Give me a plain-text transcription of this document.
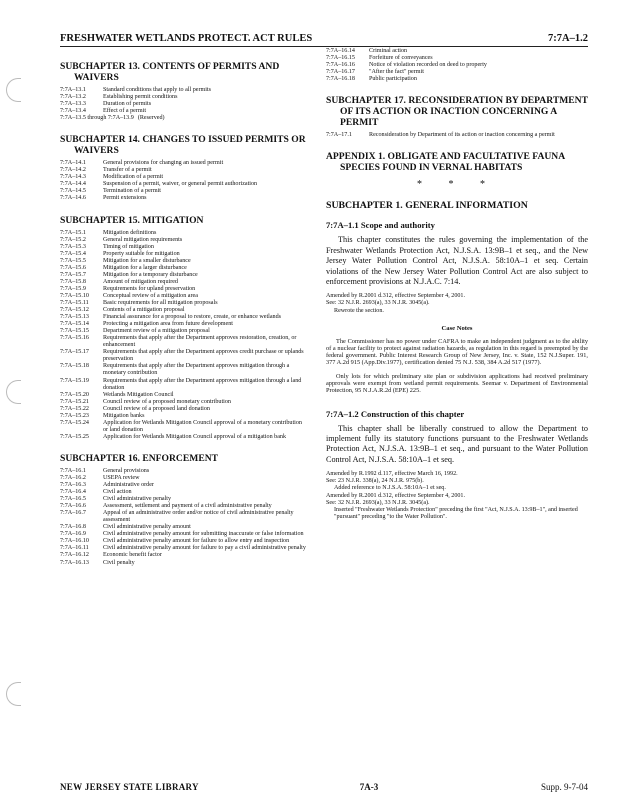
FRESHWATER WETLANDS PROTECT. ACT RULES	7:7A–1.2
SUBCHAPTER 13. CONTENTS OF PERMITS AND WAIVERS
7:7A–13.1	Standard conditions that apply to all permits
7:7A–13.2	Establishing permit conditions
7:7A–13.3	Duration of permits
7:7A–13.4	Effect of a permit
7:7A–13.5 through 7:7A–13.9 (Reserved)
SUBCHAPTER 14. CHANGES TO ISSUED PERMITS OR WAIVERS
7:7A–14.1	General provisions for changing an issued permit
7:7A–14.2	Transfer of a permit
7:7A–14.3	Modification of a permit
7:7A–14.4	Suspension of a permit, waiver, or general permit authorization
7:7A–14.5	Termination of a permit
7:7A–14.6	Permit extensions
SUBCHAPTER 15. MITIGATION
7:7A–15.1	Mitigation definitions
7:7A–15.2	General mitigation requirements
7:7A–15.3	Timing of mitigation
7:7A–15.4	Property suitable for mitigation
7:7A–15.5	Mitigation for a smaller disturbance
7:7A–15.6	Mitigation for a larger disturbance
7:7A–15.7	Mitigation for a temporary disturbance
7:7A–15.8	Amount of mitigation required
7:7A–15.9	Requirements for upland preservation
7:7A–15.10	Conceptual review of a mitigation area
7:7A–15.11	Basic requirements for all mitigation proposals
7:7A–15.12	Contents of a mitigation proposal
7:7A–15.13	Financial assurance for a proposal to restore, create, or enhance wetlands
7:7A–15.14	Protecting a mitigation area from future development
7:7A–15.15	Department review of a mitigation proposal
7:7A–15.16	Requirements that apply after the Department approves restoration, creation, or enhancement
7:7A–15.17	Requirements that apply after the Department approves credit purchase or uplands preservation
7:7A–15.18	Requirements that apply after the Department approves mitigation through a monetary contribution
7:7A–15.19	Requirements that apply after the Department approves mitigation through a land donation
7:7A–15.20	Wetlands Mitigation Council
7:7A–15.21	Council review of a proposed monetary contribution
7:7A–15.22	Council review of a proposed land donation
7:7A–15.23	Mitigation banks
7:7A–15.24	Application for Wetlands Mitigation Council approval of a monetary contribution or land donation
7:7A–15.25	Application for Wetlands Mitigation Council approval of a mitigation bank
SUBCHAPTER 16. ENFORCEMENT
7:7A–16.1	General provisions
7:7A–16.2	USEPA review
7:7A–16.3	Administrative order
7:7A–16.4	Civil action
7:7A–16.5	Civil administrative penalty
7:7A–16.6	Assessment, settlement and payment of a civil administrative penalty
7:7A–16.7	Appeal of an administrative order and/or notice of civil administrative penalty assessment
7:7A–16.8	Civil administrative penalty amount
7:7A–16.9	Civil administrative penalty amount for submitting inaccurate or false information
7:7A–16.10	Civil administrative penalty amount for failure to allow entry and inspection
7:7A–16.11	Civil administrative penalty amount for failure to pay a civil administrative penalty
7:7A–16.12	Economic benefit factor
7:7A–16.13	Civil penalty
7:7A–16.14	Criminal action
7:7A–16.15	Forfeiture of conveyances
7:7A–16.16	Notice of violation recorded on deed to property
7:7A–16.17	"After the fact" permit
7:7A–16.18	Public participation
SUBCHAPTER 17. RECONSIDERATION BY DEPARTMENT OF ITS ACTION OR INACTION CONCERNING A PERMIT
7:7A–17.1	Reconsideration by Department of its action or inaction concerning a permit
APPENDIX 1. OBLIGATE AND FACULTATIVE FAUNA SPECIES FOUND IN VERNAL HABITATS
* * *
SUBCHAPTER 1. GENERAL INFORMATION
7:7A–1.1 Scope and authority

This chapter constitutes the rules governing the implementation of the Freshwater Wetlands Protection Act, N.J.S.A. 13:9B–1 et seq., and the New Jersey Water Pollution Control Act, N.J.S.A. 58:10A–1 et seq. Certain violations of the New Jersey Water Pollution Control Act are also subject to enforcement provisions at N.J.A.C. 7:14.

Amended by R.2001 d.312, effective September 4, 2001.
See: 32 N.J.R. 2693(a), 33 N.J.R. 3045(a).
Rewrote the section.
Case Notes

The Commissioner has no power under CAFRA to make an independent judgment as to the ability of a nuclear facility to protect against radiation hazards, as regulation in this regard is preempted by the federal government. Public Interest Research Group of New Jersey, Inc. v. State, 152 N.J.Super. 191, 377 A.2d 915 (App.Div.1977), certification denied 75 N.J. 538, 384 A.2d 517 (1977).

Only lots for which preliminary site plan or subdivision applications had received preliminary approvals were exempt from wetland permit requirements. Seemar v. Department of Environmental Protection, 95 N.J.A.R.2d (EPE) 225.

7:7A–1.2 Construction of this chapter

This chapter shall be liberally construed to allow the Department to implement fully its statutory functions pursuant to the Freshwater Wetlands Protection Act, N.J.S.A. 13:9B–1 et seq., and pursuant to the Water Pollution Control Act, N.J.S.A. 58:10A–1 et seq.

Amended by R.1992 d.117, effective March 16, 1992.
See: 23 N.J.R. 338(a), 24 N.J.R. 975(b).
Added reference to N.J.S.A. 58:10A–1 et seq.
Amended by R.2001 d.312, effective September 4, 2001.
See: 32 N.J.R. 2693(a), 33 N.J.R. 3045(a).
Inserted "Freshwater Wetlands Protection" preceding the first "Act, N.J.S.A. 13:9B–1", and inserted "pursuant" preceding "to the Water Pollution".
NEW JERSEY STATE LIBRARY	7A-3	Supp. 9-7-04
